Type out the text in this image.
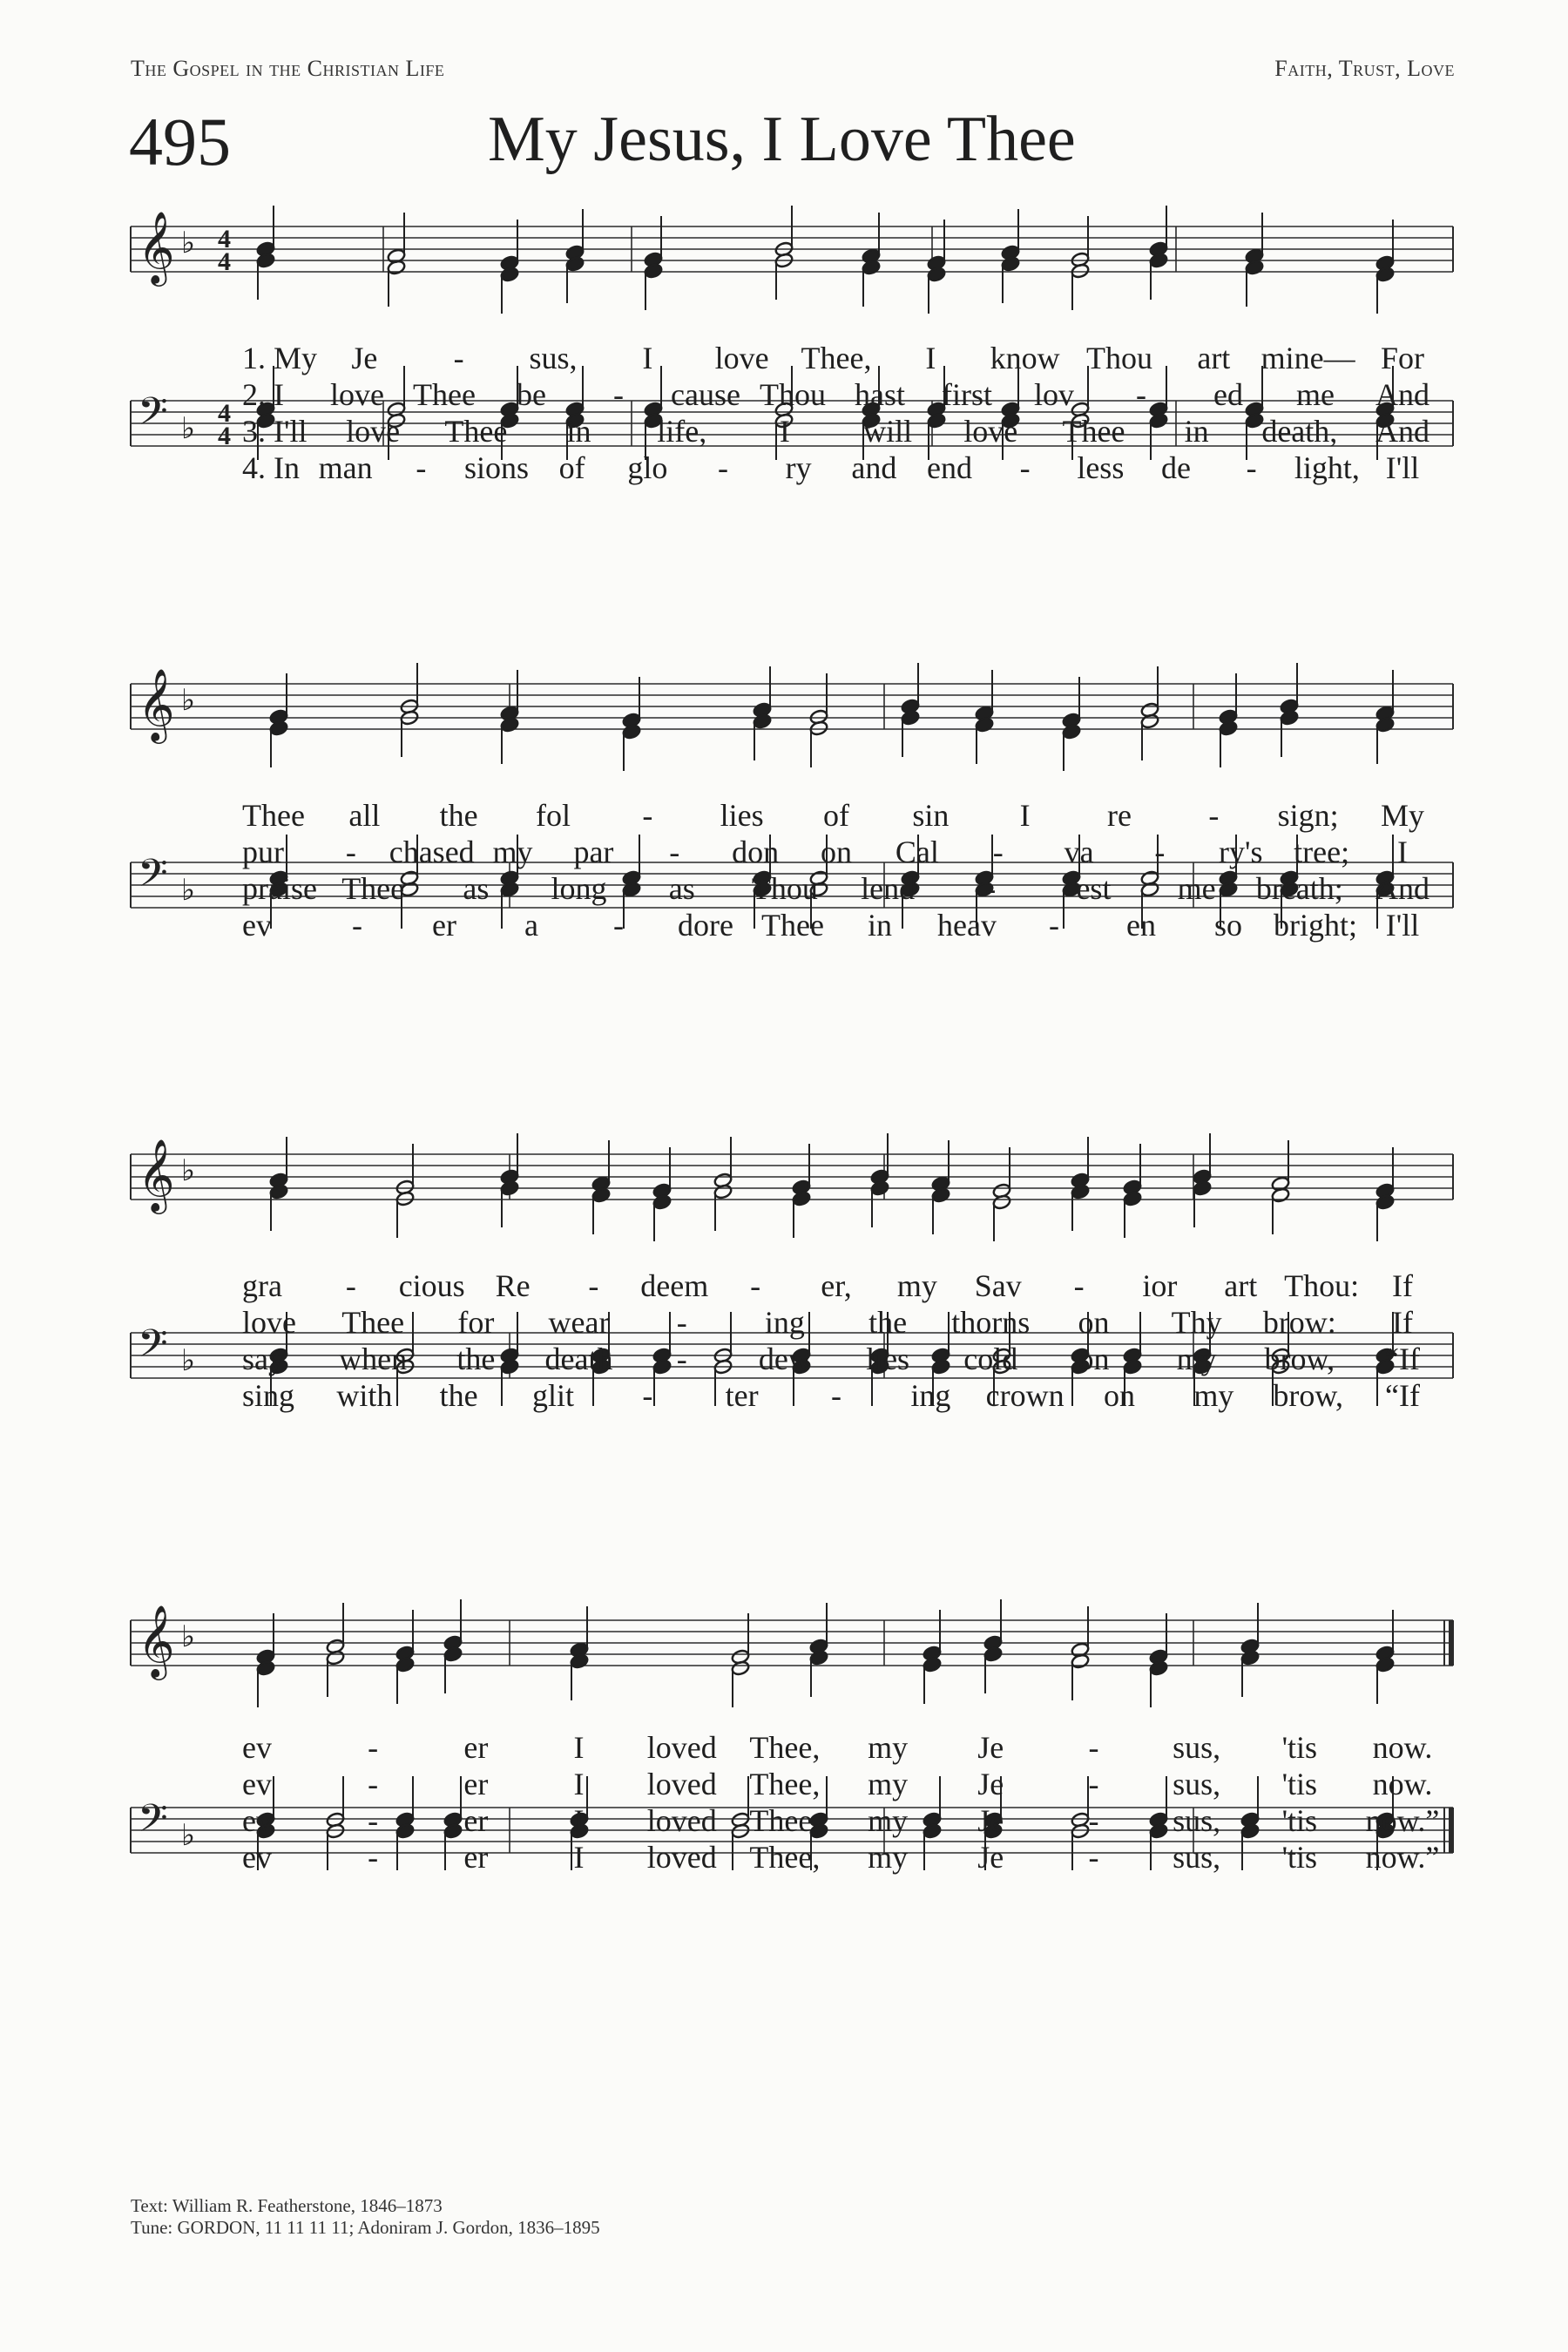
The Gospel in the Christian Life	Faith, Trust, Love
495	My Jesus, I Love Thee
𝄞 ♭ 4
4
𝄢 ♭ 4
4
1. My Je - sus, I love Thee, I know Thou art mine— For
2. I love Thee be - cause Thou hast first lov - ed me And
3. I'll love Thee in life, I will love Thee in death, And
4. In man - sions of glo - ry and end - less de - light, I'll
𝄞 ♭
𝄢 ♭
Thee all the fol - lies of sin I re - sign; My
pur - chased my par - don on Cal - va - ry's tree; I
praise Thee as long as Thou lend -	est me breath; And
ev	- er a - dore Thee in heav - en so bright; I'll
𝄞 ♭
𝄢 ♭
gra - cious Re - deem - er, my Sav - ior art Thou: If
love Thee for wear - ing the thorns on Thy brow: If
say when the death - dew lies cold on my brow, “If
sing with the glit - ter - ing crown on my brow, “If
𝄞 ♭
𝄢 ♭
ev	-	er	I loved Thee, my Je	- sus, 'tis now.
ev	-	er	I loved Thee, my Je	- sus, 'tis now.
ev	-	er	I loved Thee, my Je	- sus, 'tis now.”
ev	-	er	I loved Thee, my Je	- sus, 'tis now.”
Text: William R. Featherstone, 1846–1873
Tune: GORDON, 11 11 11 11; Adoniram J. Gordon, 1836–1895
